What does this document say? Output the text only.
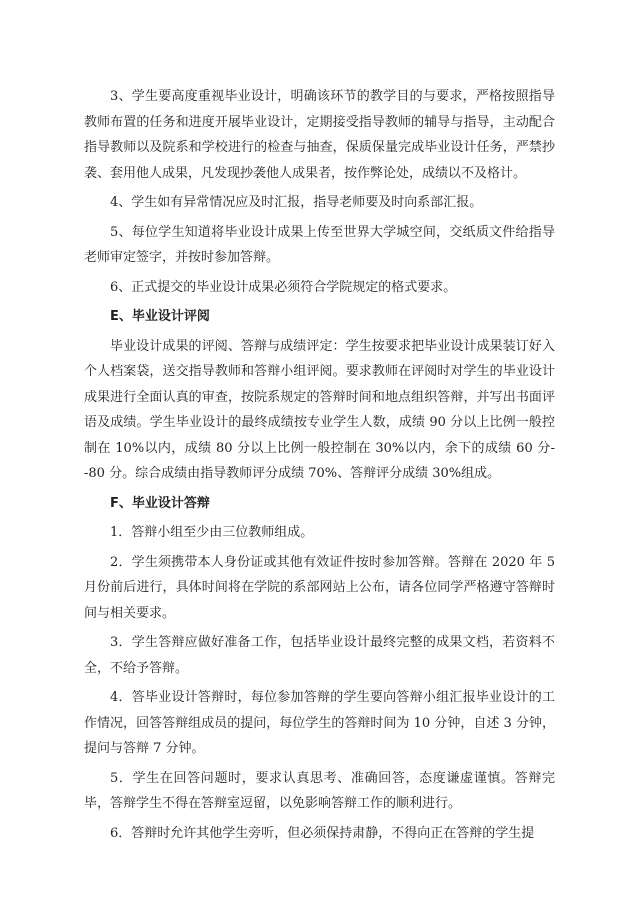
3、学生要高度重视毕业设计，明确该环节的教学目的与要求，严格按照指导教师布置的任务和进度开展毕业设计，定期接受指导教师的辅导与指导，主动配合指导教师以及院系和学校进行的检查与抽查，保质保量完成毕业设计任务，严禁抄袭、套用他人成果，凡发现抄袭他人成果者，按作弊论处，成绩以不及格计。

4、学生如有异常情况应及时汇报，指导老师要及时向系部汇报。

5、每位学生知道将毕业设计成果上传至世界大学城空间，交纸质文件给指导老师审定签字，并按时参加答辩。

6、正式提交的毕业设计成果必须符合学院规定的格式要求。

E、毕业设计评阅

毕业设计成果的评阅、答辩与成绩评定：学生按要求把毕业设计成果装订好入个人档案袋，送交指导教师和答辩小组评阅。要求教师在评阅时对学生的毕业设计成果进行全面认真的审查，按院系规定的答辩时间和地点组织答辩，并写出书面评语及成绩。学生毕业设计的最终成绩按专业学生人数，成绩 90 分以上比例一般控制在 10%以内，成绩 80 分以上比例一般控制在 30%以内，余下的成绩 60 分--80 分。综合成绩由指导教师评分成绩 70%、答辩评分成绩 30%组成。

F、毕业设计答辩

1．答辩小组至少由三位教师组成。

2．学生须携带本人身份证或其他有效证件按时参加答辩。答辩在 2020 年 5 月份前后进行，具体时间将在学院的系部网站上公布，请各位同学严格遵守答辩时间与相关要求。

3．学生答辩应做好准备工作，包括毕业设计最终完整的成果文档，若资料不全，不给予答辩。

4．答毕业设计答辩时，每位参加答辩的学生要向答辩小组汇报毕业设计的工作情况，回答答辩组成员的提问，每位学生的答辩时间为 10 分钟，自述 3 分钟，提问与答辩 7 分钟。

5．学生在回答问题时，要求认真思考、准确回答，态度谦虚谨慎。答辩完毕，答辩学生不得在答辩室逗留，以免影响答辩工作的顺利进行。

6．答辩时允许其他学生旁听，但必须保持肃静，不得向正在答辩的学生提
